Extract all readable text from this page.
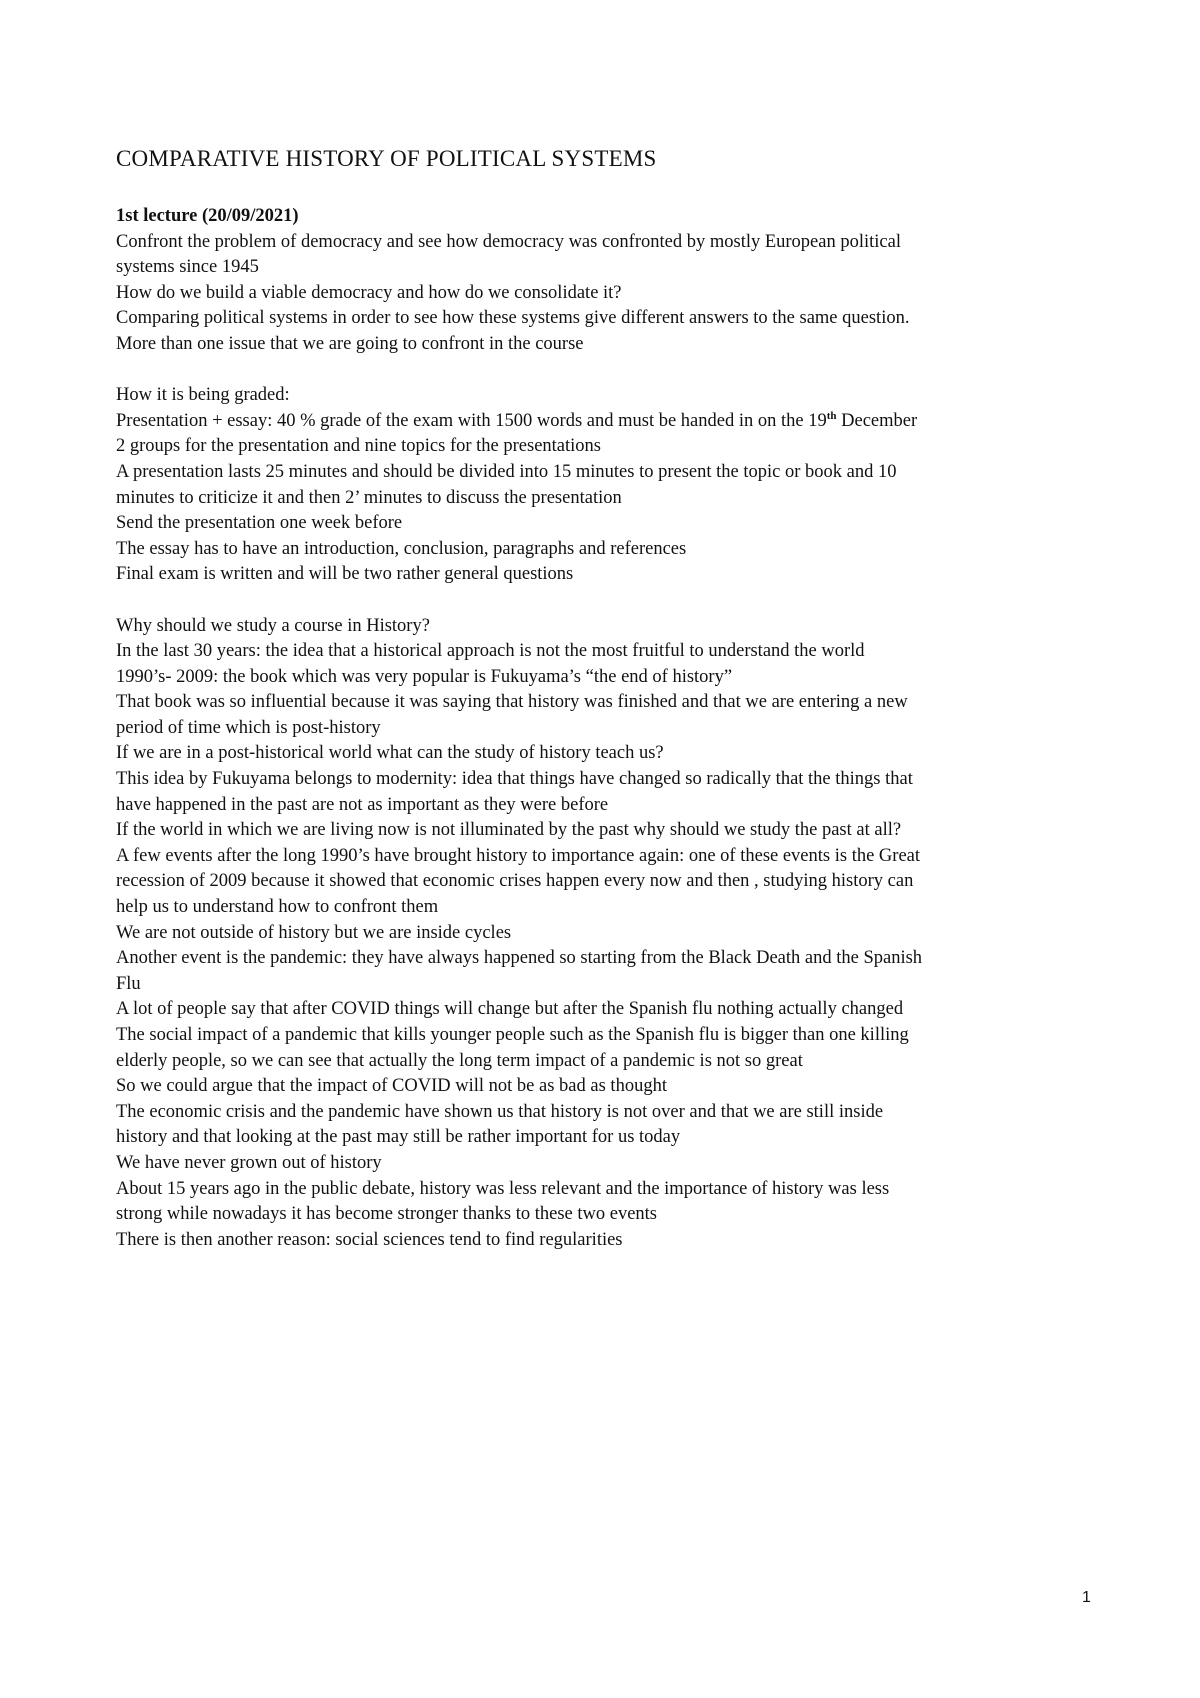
COMPARATIVE HISTORY OF POLITICAL SYSTEMS
1st lecture (20/09/2021)
Confront the problem of democracy and see how democracy was confronted by mostly European political
systems since 1945
How do we build a viable democracy and how do we consolidate it?
Comparing political systems in order to see how these systems give different answers to the same question.
More than one issue that we are going to confront in the course
How it is being graded:
Presentation + essay: 40 % grade of the exam with 1500 words and must be handed in on the 19th December
2 groups for the presentation and nine topics for the presentations
A presentation lasts 25 minutes and should be divided into 15 minutes to present the topic or book and 10
minutes to criticize it and then 2’ minutes to discuss the presentation
Send the presentation one week before
The essay has to have an introduction, conclusion, paragraphs and references
Final exam is written and will be two rather general questions
Why should we study a course in History?
In the last 30 years: the idea that a historical approach is not the most fruitful to understand the world
1990’s- 2009: the book which was very popular is Fukuyama’s “the end of history”
That book was so influential because it was saying that history was finished and that we are entering a new
period of time which is post-history
If we are in a post-historical world what can the study of history teach us?
This idea by Fukuyama belongs to modernity: idea that things have changed so radically that the things that
have happened in the past are not as important as they were before
If the world in which we are living now is not illuminated by the past why should we study the past at all?
A few events after the long 1990’s have brought history to importance again: one of these events is the Great
recession of 2009 because it showed that economic crises happen every now and then , studying history can
help us to understand how to confront them
We are not outside of history but we are inside cycles
Another event is the pandemic: they have always happened so starting from the Black Death and the Spanish
Flu
A lot of people say that after COVID things will change but after the Spanish flu nothing actually changed
The social impact of a pandemic that kills younger people such as the Spanish flu is bigger than one killing
elderly people, so we can see that actually the long term impact of a pandemic is not so great
So we could argue that the impact of COVID will not be as bad as thought
The economic crisis and the pandemic have shown us that history is not over and that we are still inside
history and that looking at the past may still be rather important for us today
We have never grown out of history
About 15 years ago in the public debate, history was less relevant and the importance of history was less
strong while nowadays it has become stronger thanks to these two events
There is then another reason: social sciences tend to find regularities
1
